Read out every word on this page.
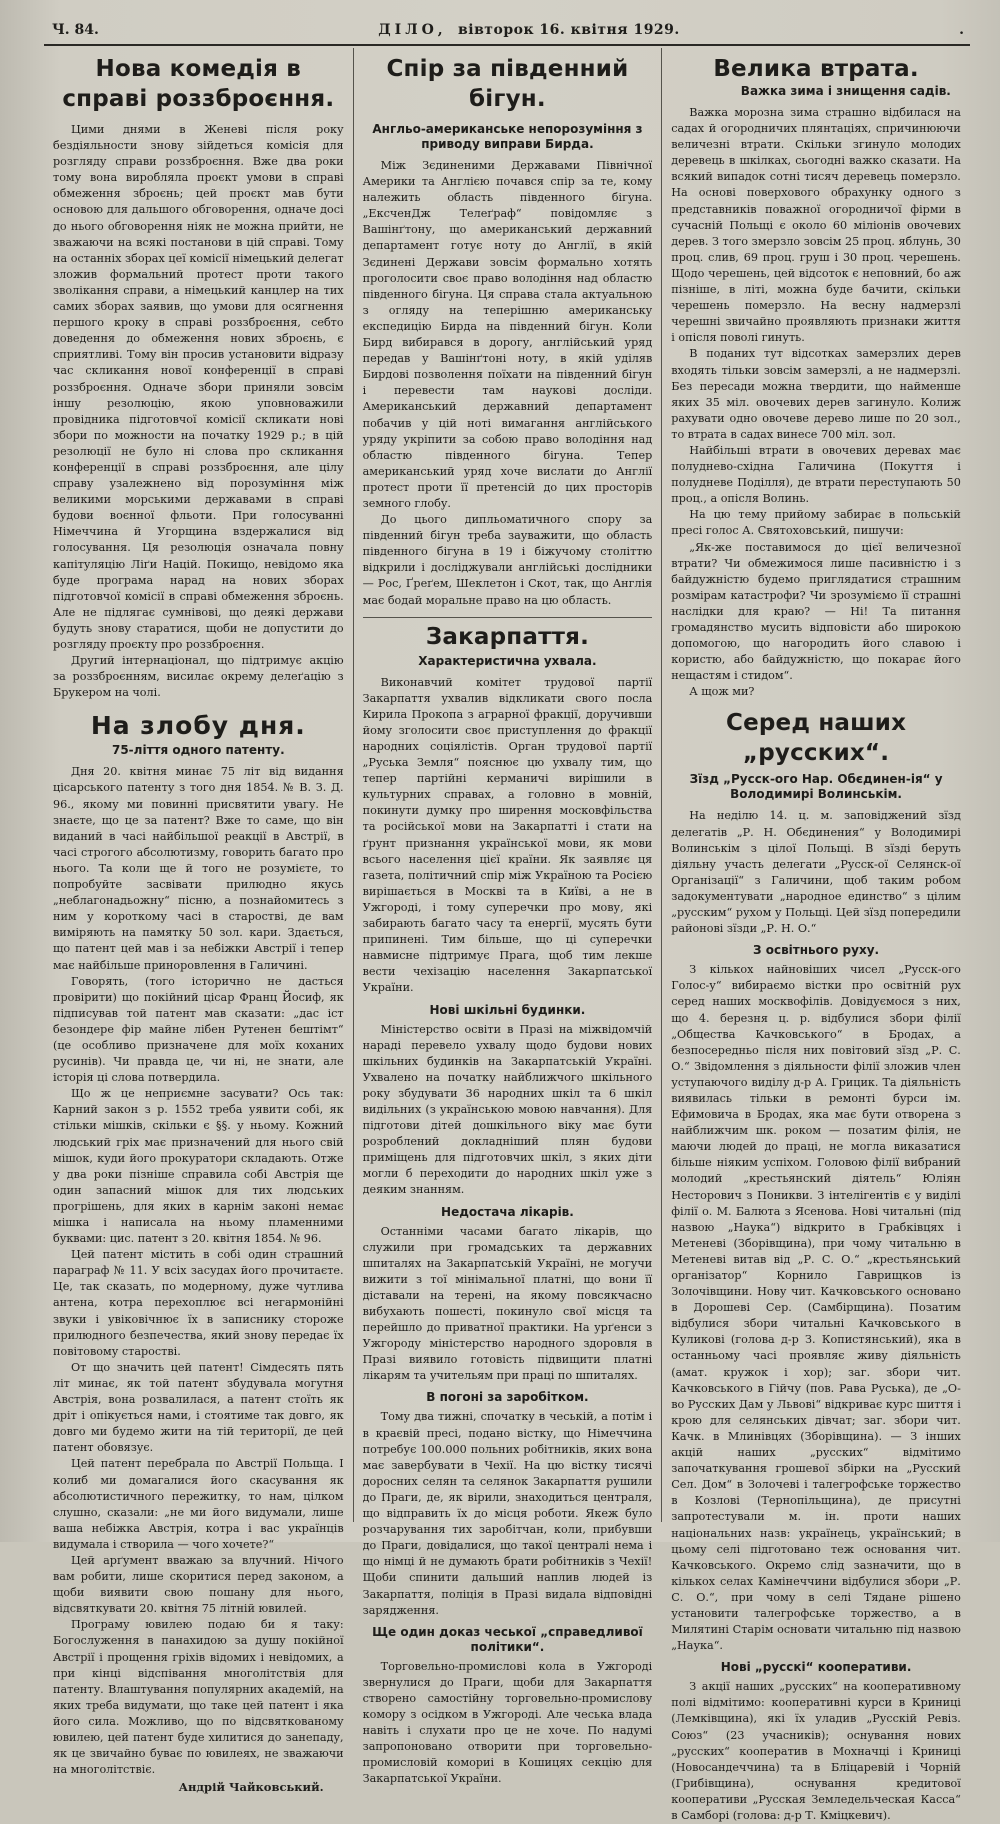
Ч. 84.	ДІЛО, вівторок 16. квітня 1929.	.
Нова комедія в справі роззброєння.

Цими днями в Женеві після року бездіяльности знову зійдеться комісія для розгляду справи роззброєння. Вже два роки тому вона виробляла проєкт умови в справі обмеження зброєнь; цей проєкт мав бути основою для дальшого обговорення, одначе досі до нього обговорення ніяк не можна прийти, не зважаючи на всякі постанови в цій справі. Тому на останніх зборах цеї комісії німецький делегат зложив формальний протест проти такого зволікання справи, а німецький канцлер на тих самих зборах заявив, що умови для осягнення першого кроку в справі роззброєння, себто доведення до обмеження нових зброєнь, є сприятливі. Тому він просив установити відразу час скликання нової конференції в справі роззброєння. Одначе збори приняли зовсім іншу резолюцію, якою уповноважили провідника підготовчої комісії скликати нові збори по можности на початку 1929 р.; в цій резолюції не було ні слова про скликання конференції в справі роззброєння, але цілу справу узалежнено від порозуміння між великими морськими державами в справі будови воєнної фльоти. При голосуванні Німеччина й Угорщина вздержалися від голосування. Ця резолюція означала повну капітуляцію Ліґи Націй. Покищо, невідомо яка буде програма нарад на нових зборах підготовчої комісії в справі обмеження зброєнь. Але не підлягає сумнівові, що деякі держави будуть знову старатися, щоби не допустити до розгляду проєкту про роззброєння.

Другий інтернаціонал, що підтримує акцію за роззброєнням, висилає окрему делеґацію з Брукером на чолі.

На злобу дня.
75-ліття одного патенту.

Дня 20. квітня минає 75 літ від видання цісарського патенту з того дня 1854. № В. З. Д. 96., якому ми повинні присвятити увагу. Не знаєте, що це за патент? Вже то саме, що він виданий в часі найбільшої реакції в Австрії, в часі строгого абсолютизму, говорить багато про нього. Та коли ще й того не розумієте, то попробуйте засвівати прилюдно якусь „неблагонадьожну“ пісню, а познайомитесь з ним у короткому часі в старостві, де вам виміряють на памятку 50 зол. кари. Здається, що патент цей мав і за небіжки Австрії і тепер має найбільше приноровлення в Галичині.

Говорять, (того історично не дасться провірити) що покійний цісар Франц Йосиф, як підписував той патент мав сказати: „дас іст безондере фір майне лібен Рутенен бештімт“ (це особливо призначене для моїх коханих русинів). Чи правда це, чи ні, не знати, але історія ці слова потвердила.

Що ж це неприємне засувати? Ось так: Карний закон з р. 1552 треба уявити собі, як стільки мішків, скільки є §§. у ньому. Кожний людський гріх має призначений для нього свій мішок, куди його прокуратори складають. Отже у два роки пізніше справила собі Австрія ще один запасний мішок для тих людських прогрішень, для яких в карнім законі немає мішка і написала на ньому пламенними буквами: цис. патент з 20. квітня 1854. № 96.

Цей патент містить в собі один страшний параграф № 11. У всіх засудах його прочитаєте. Це, так сказать, по модерному, дуже чутлива антена, котра перехоплює всі негармонійні звуки і увіковічнює їх в записнику стороже прилюдного безпечества, який знову передає їх повітовому старостві.

От що значить цей патент! Сімдесять пять літ минає, як той патент збудувала могутня Австрія, вона розвалилася, а патент стоїть як дріт і опікується нами, і стоятиме так довго, як довго ми будемо жити на тій території, де цей патент обовязує.

Цей патент перебрала по Австрії Польща. І колиб ми домагалися його скасування як абсолютистичного пережитку, то нам, цілком слушно, сказали: „не ми його видумали, лише ваша небіжка Австрія, котра і вас українців видумала і створила — чого хочете?“

Цей арґумент вважаю за влучний. Нічого вам робити, лише скоритися перед законом, а щоби виявити свою пошану для нього, відсвяткувати 20. квітня 75 літній ювилей.

Програму ювилею подаю би я таку: Богослуження в панахидою за душу покійної Австрії і прощення гріхів відомих і невідомих, а при кінці відспівання многолітствія для патенту. Влаштування популярних академій, на яких треба видумати, що таке цей патент і яка його сила. Можливо, що по відсвяткованому ювилею, цей патент буде хилитися до занепаду, як це звичайно буває по ювилеях, не зважаючи на многолітствіє.

Андрій Чайковський.
Спір за південний бігун.
Англьо-американське непорозуміння з приводу виправи Бирда.

Між Зєдиненими Державами Північної Америки та Англією почався спір за те, кому належить область південного бігуна. „ЕксченДж Телеґраф“ повідомляє з Вашінґтону, що американський державний департамент готує ноту до Англії, в якій Зєдинені Держави зовсім формально хотять проголосити своє право володіння над областю південного бігуна. Ця справа стала актуальною з огляду на теперішню американську експедицію Бирда на південний бігун. Коли Бирд вибирався в дорогу, англійський уряд передав у Вашінґтоні ноту, в якій уділяв Бирдові позволення поїхати на південний бігун і перевести там наукові досліди. Американський державний департамент побачив у цій ноті вимагання англійського уряду укріпити за собою право володіння над областю південного бігуна. Тепер американський уряд хоче вислати до Англії протест проти її претенсій до цих просторів земного глобу.

До цього дипльоматичного спору за південний бігун треба зауважити, що область південного бігуна в 19 і біжучому століттю відкрили і досліджували англійські дослідники — Рос, Ґреґем, Шеклетон і Скот, так, що Англія має бодай моральне право на цю область.

Закарпаття.
Характеристична ухвала.

Виконавчий комітет трудової партії Закарпаття ухвалив відкликати свого посла Кирила Прокопа з аграрної фракції, доручивши йому зголосити своє приступлення до фракції народних соціялістів. Орган трудової партії „Руська Земля“ пояснює цю ухвалу тим, що тепер партійні керманичі вирішили в культурних справах, а головно в мовній, покинути думку про ширення московфільства та російської мови на Закарпатті і стати на ґрунт признання української мови, як мови всього населення цієї країни. Як заявляє ця газета, політичний спір між Україною та Росією вирішається в Москві та в Київі, а не в Ужгороді, і тому суперечки про мову, які забирають багато часу та енергії, мусять бути припинені. Тим більше, що ці суперечки навмисне підтримує Прага, щоб тим лекше вести чехізацію населення Закарпатської України.

Нові шкільні будинки.

Міністерство освіти в Празі на міжвідомчій нараді перевело ухвалу щодо будови нових шкільних будинків на Закарпатській Україні. Ухвалено на початку найближчого шкільного року збудувати 36 народних шкіл та 6 шкіл видільних (з українською мовою навчання). Для підготови дітей дошкільного віку має бути розроблений докладніший плян будови приміщень для підготовчих шкіл, з яких діти могли б переходити до народних шкіл уже з деяким знанням.

Недостача лікарів.

Останніми часами багато лікарів, що служили при громадських та державних шпиталях на Закарпатській Україні, не могучи вижити з тої мінімальної платні, що вони її діставали на терені, на якому повсякчасно вибухають пошесті, покинуло свої місця та перейшло до приватної практики. На урґенси з Ужгороду міністерство народного здоровля в Празі виявило готовість підвищити платні лікарям та учительям при праці по шпиталях.

В погоні за заробітком.

Тому два тижні, спочатку в чеській, а потім і в краєвій пресі, подано вістку, що Німеччина потребує 100.000 польних робітників, яких вона має завербувати в Чехії. На цю вістку тисячі доросних селян та селянок Закарпаття рушили до Праги, де, як вірили, знаходиться централя, що відправить їх до місця роботи. Якеж було розчарування тих заробітчан, коли, прибувши до Праги, довідалися, що такої централі нема і що німці й не думають брати робітників з Чехії! Щоби спинити дальший наплив людей із Закарпаття, поліція в Празі видала відповідні зарядження.

Ще один доказ чеської „справедливої політики“.

Торговельно-промислові кола в Ужгороді звернулися до Праги, щоби для Закарпаття створено самостійну торговельно-промислову комору з осідком в Ужгороді. Але чеська влада навіть і слухати про це не хоче. По надумі запропоновано отворити при торговельно-промисловій комориі в Кошицях секцію для Закарпатської України.

Велика втрата.
Важка зима і знищення садів.

Важка морозна зима страшно відбилася на садах й огородничих плянтаціях, спричинюючи величезні втрати. Скільки згинуло молодих деревець в шкілках, сьогодні важко сказати. На всякий випадок сотні тисяч деревець померзло. На основі поверхового обрахунку одного з представників поважної огородничої фірми в сучасній Польщі є около 60 міліонів овочевих дерев. З того змерзло зовсім 25 проц. яблунь, 30 проц. слив, 69 проц. груш і 30 проц. черешень. Щодо черешень, цей відсоток є неповний, бо аж пізніше, в літі, можна буде бачити, скільки черешень померзло. На весну надмерзлі черешні звичайно проявляють признаки життя і опісля поволі гинуть.

В поданих тут відсотках замерзлих дерев входять тільки зовсім замерзлі, а не надмерзлі. Без пересади можна твердити, що найменше яких 35 міл. овочевих дерев загинуло. Колиж рахувати одно овочеве дерево лише по 20 зол., то втрата в садах винесе 700 міл. зол.

Найбільші втрати в овочевих деревах має полудневo-східна Галичина (Покуття і полудневе Поділля), де втрати переступають 50 проц., а опісля Волинь.

На цю тему прийому забирає в польській пресі голос А. Святоховський, пишучи:

„Як-же поставимося до цієї величезної втрати? Чи обмежимося лише пасивністю і з байдужністю будемо приглядатися страшним розмірам катастрофи? Чи зрозуміємо її страшні наслідки для краю? — Ні! Та питання громадянство мусить відповісти або широкою допомогою, що нагородить його славою і користю, або байдужністю, що покарає його нещастям і стидом“.

А щож ми?

Серед наших „русских“.
Зїзд „Русск-ого Нар. Обєдинен-ія“ у Володимирі Волинськім.

На неділю 14. ц. м. заповіджений зїзд делегатів „Р. Н. Обєдинения“ у Володимирі Волинськім з цілої Польщі. В зїзді беруть діяльну участь делегати „Русск-ої Селянск-ої Організації“ з Галичини, щоб таким робом задокументувати „народное единство“ з цілим „русским“ рухом у Польщі. Цей зїзд попередили районові зїзди „Р. Н. О.“

З освітнього руху.

З кількох найновіших чисел „Русск-ого Голос-у“ вибираємо вістки про освітній рух серед наших москвофілів. Довідуємося з них, що 4. березня ц. р. відбулися збори філії „Общества Качковського“ в Бродах, а безпосередньо після них повітовий зїзд „Р. С. О.“ Звідомлення з діяльности філії зложив член уступаючого виділу д-р А. Грицик. Та діяльність виявилась тільки в ремонті бурси ім. Ефимовича в Бродах, яка має бути отворена з найближчим шк. роком — позатим філія, не маючи людей до праці, не могла виказатися більше ніяким успіхом. Головою філії вибраний молодий „крестьянский діятель“ Юліян Несторович з Поникви. З інтелігентів є у виділі філії о. М. Балюта з Ясенова. Нові читальні (під назвою „Наука“) відкрито в Грабківцях і Метеневі (Зборівщина), при чому читальню в Метеневі витав від „Р. С. О.“ „крестьянський організатор“ Корнило Гаврищков із Золочівщини. Нову чит. Качковського основано в Дорошеві Сер. (Самбірщина). Позатим відбулися збори читальні Качковського в Куликові (голова д-р З. Копистянський), яка в останньому часі проявляє живу діяльність (амат. кружок і хор); заг. збори чит. Качковського в Гійчу (пов. Рава Руська), де „О-во Русских Дам у Львові“ відкриває курс шиття і крою для селянських дівчат; заг. збори чит. Качк. в Млинівцях (Зборівщина). — З інших акцій наших „русских“ відмітимо започаткування грошевої збірки на „Русский Сел. Дом“ в Золочеві і талегрофське торжество в Козлові (Тернопільщина), де присутні запротестували м. ін. проти наших національних назв: українець, український; в цьому селі підготовано теж основання чит. Качковського. Окремо слід зазначити, що в кількох селах Камінеччини відбулися збори „Р. С. О.“, при чому в селі Тядане рішено установити талегрофське торжество, а в Милятині Старім основати читальню під назвою „Наука“.

Нові „русскі“ кооперативи.

З акції наших „русских“ на кооперативному полі відмітимо: кооперативні курси в Криниці (Лемківщина), які їх уладив „Русскій Ревіз. Союз“ (23 учасників); оснування нових „русских“ кооператив в Мохначці і Криниці (Новосандеччина) та в Бліцаревій і Чорній (Грибівщина), оснування кредитової кооперативи „Русская Земледельческая Касса“ в Самборі (голова: д-р Т. Кміцкевич).
